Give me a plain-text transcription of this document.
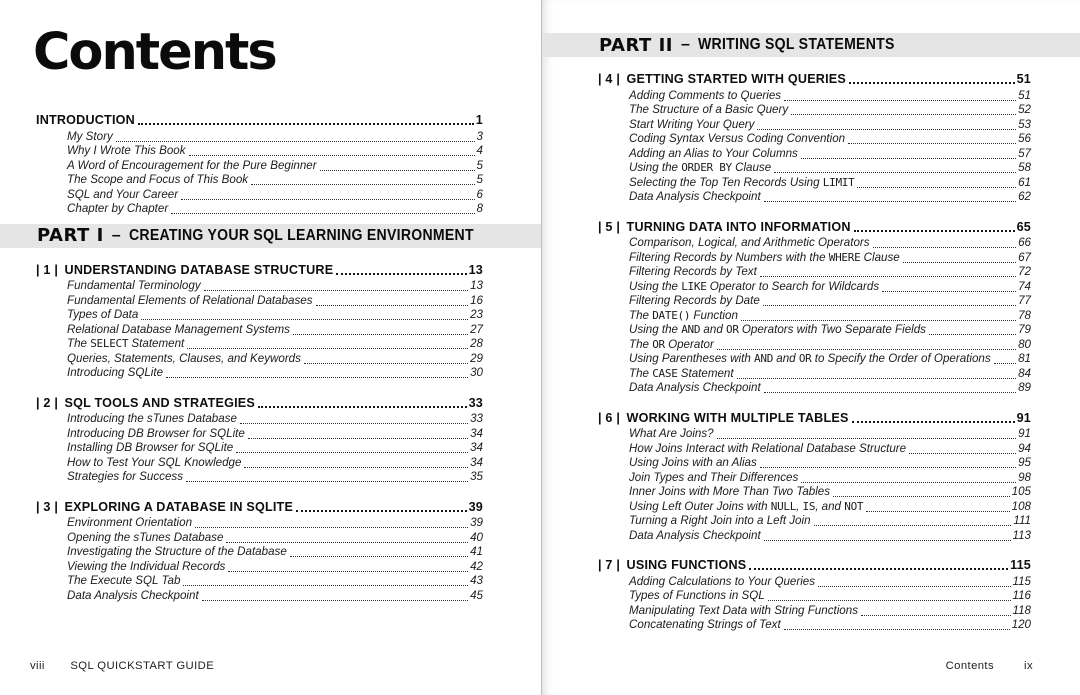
Contents
INTRODUCTION	1
My Story	3
Why I Wrote This Book	4
A Word of Encouragement for the Pure Beginner	5
The Scope and Focus of This Book	5
SQL and Your Career	6
Chapter by Chapter	8
PART I – CREATING YOUR SQL LEARNING ENVIRONMENT
| 1 | UNDERSTANDING DATABASE STRUCTURE	13
Fundamental Terminology	13
Fundamental Elements of Relational Databases	16
Types of Data	23
Relational Database Management Systems	27
The SELECT Statement	28
Queries, Statements, Clauses, and Keywords	29
Introducing SQLite	30
| 2 | SQL TOOLS AND STRATEGIES	33
Introducing the sTunes Database	33
Introducing DB Browser for SQLite	34
Installing DB Browser for SQLite	34
How to Test Your SQL Knowledge	34
Strategies for Success	35
| 3 | EXPLORING A DATABASE IN SQLITE	39
Environment Orientation	39
Opening the sTunes Database	40
Investigating the Structure of the Database	41
Viewing the Individual Records	42
The Execute SQL Tab	43
Data Analysis Checkpoint	45
viii SQL QUICKSTART GUIDE
PART II – WRITING SQL STATEMENTS
| 4 | GETTING STARTED WITH QUERIES	51
Adding Comments to Queries	51
The Structure of a Basic Query	52
Start Writing Your Query	53
Coding Syntax Versus Coding Convention	56
Adding an Alias to Your Columns	57
Using the ORDER BY Clause	58
Selecting the Top Ten Records Using LIMIT	61
Data Analysis Checkpoint	62
| 5 | TURNING DATA INTO INFORMATION	65
Comparison, Logical, and Arithmetic Operators	66
Filtering Records by Numbers with the WHERE Clause	67
Filtering Records by Text	72
Using the LIKE Operator to Search for Wildcards	74
Filtering Records by Date	77
The DATE() Function	78
Using the AND and OR Operators with Two Separate Fields	79
The OR Operator	80
Using Parentheses with AND and OR to Specify the Order of Operations 81
The CASE Statement	84
Data Analysis Checkpoint	89
| 6 | WORKING WITH MULTIPLE TABLES	91
What Are Joins?	91
How Joins Interact with Relational Database Structure	94
Using Joins with an Alias	95
Join Types and Their Differences	98
Inner Joins with More Than Two Tables	105
Using Left Outer Joins with NULL, IS, and NOT	108
Turning a Right Join into a Left Join	111
Data Analysis Checkpoint	113
| 7 | USING FUNCTIONS	115
Adding Calculations to Your Queries	115
Types of Functions in SQL	116
Manipulating Text Data with String Functions	118
Concatenating Strings of Text	120
Contents	ix
